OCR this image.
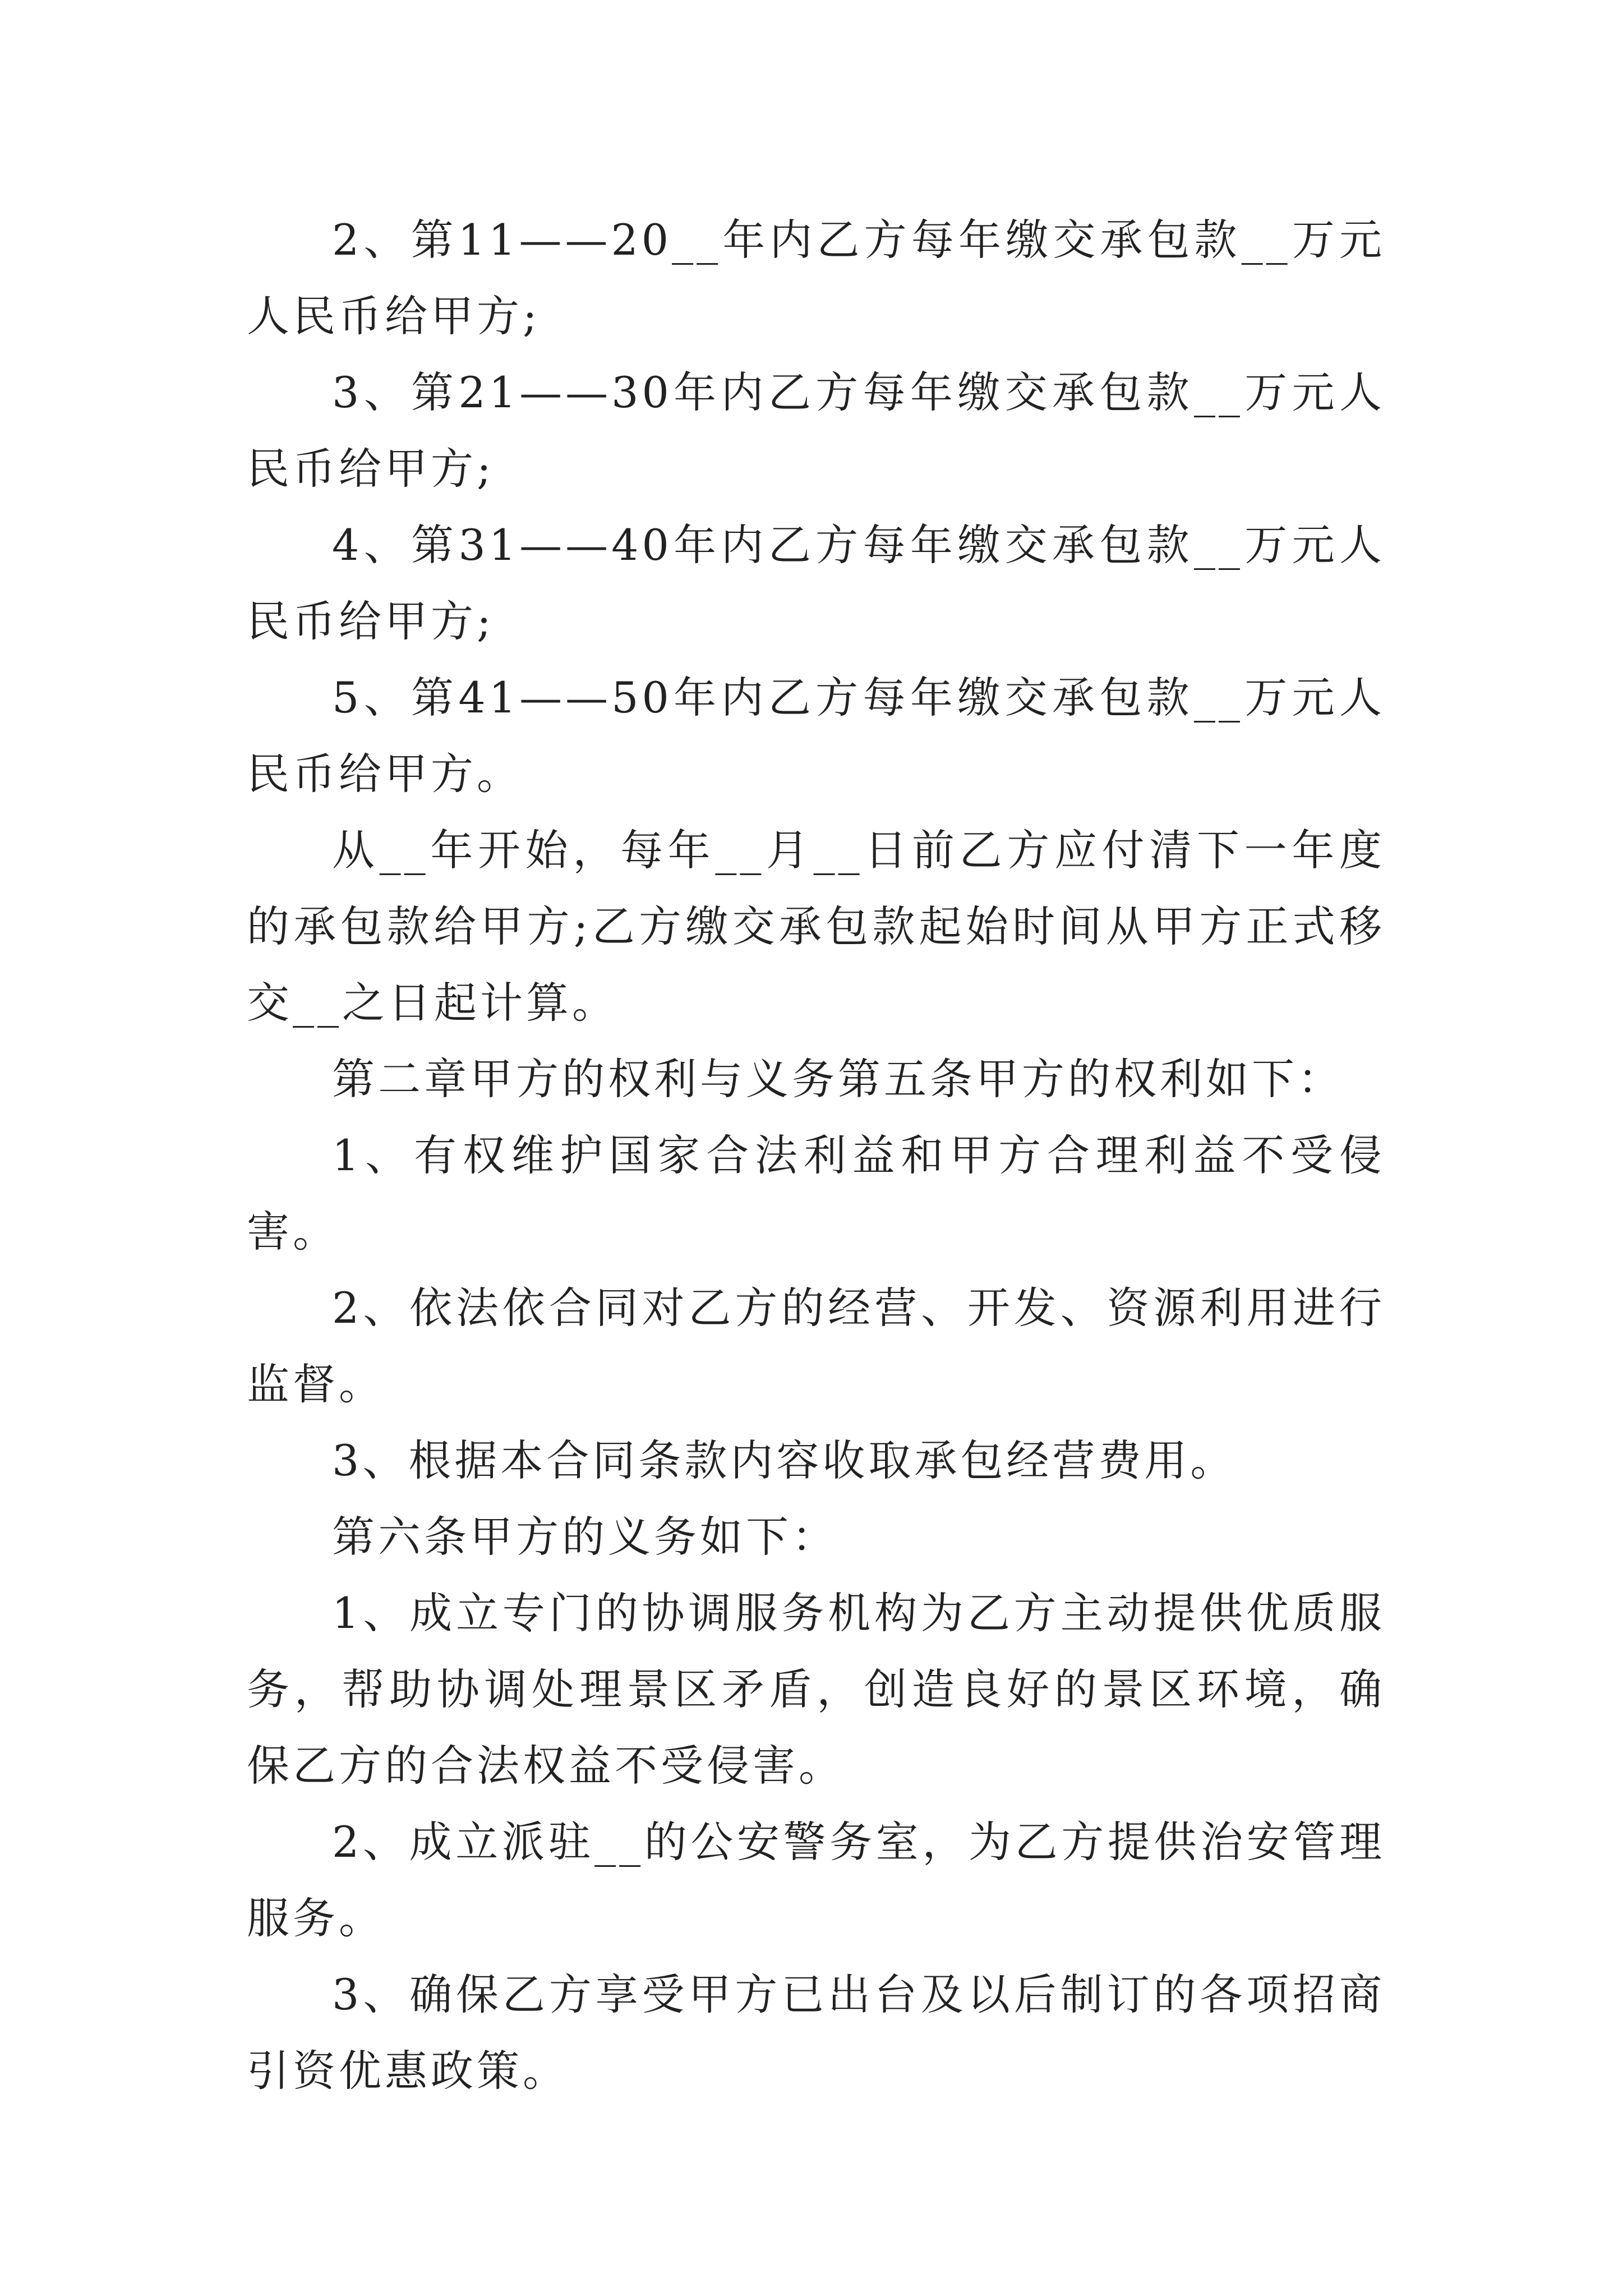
2、第11——20__年内乙方每年缴交承包款__万元人民币给甲方;

3、第21——30年内乙方每年缴交承包款__万元人民币给甲方;

4、第31——40年内乙方每年缴交承包款__万元人民币给甲方;

5、第41——50年内乙方每年缴交承包款__万元人民币给甲方。

从__年开始，每年__月__日前乙方应付清下一年度的承包款给甲方;乙方缴交承包款起始时间从甲方正式移交__之日起计算。

第二章甲方的权利与义务第五条甲方的权利如下：

1、有权维护国家合法利益和甲方合理利益不受侵害。

2、依法依合同对乙方的经营、开发、资源利用进行监督。

3、根据本合同条款内容收取承包经营费用。

第六条甲方的义务如下：

1、成立专门的协调服务机构为乙方主动提供优质服务，帮助协调处理景区矛盾，创造良好的景区环境，确保乙方的合法权益不受侵害。

2、成立派驻__的公安警务室，为乙方提供治安管理服务。

3、确保乙方享受甲方已出台及以后制订的各项招商引资优惠政策。
